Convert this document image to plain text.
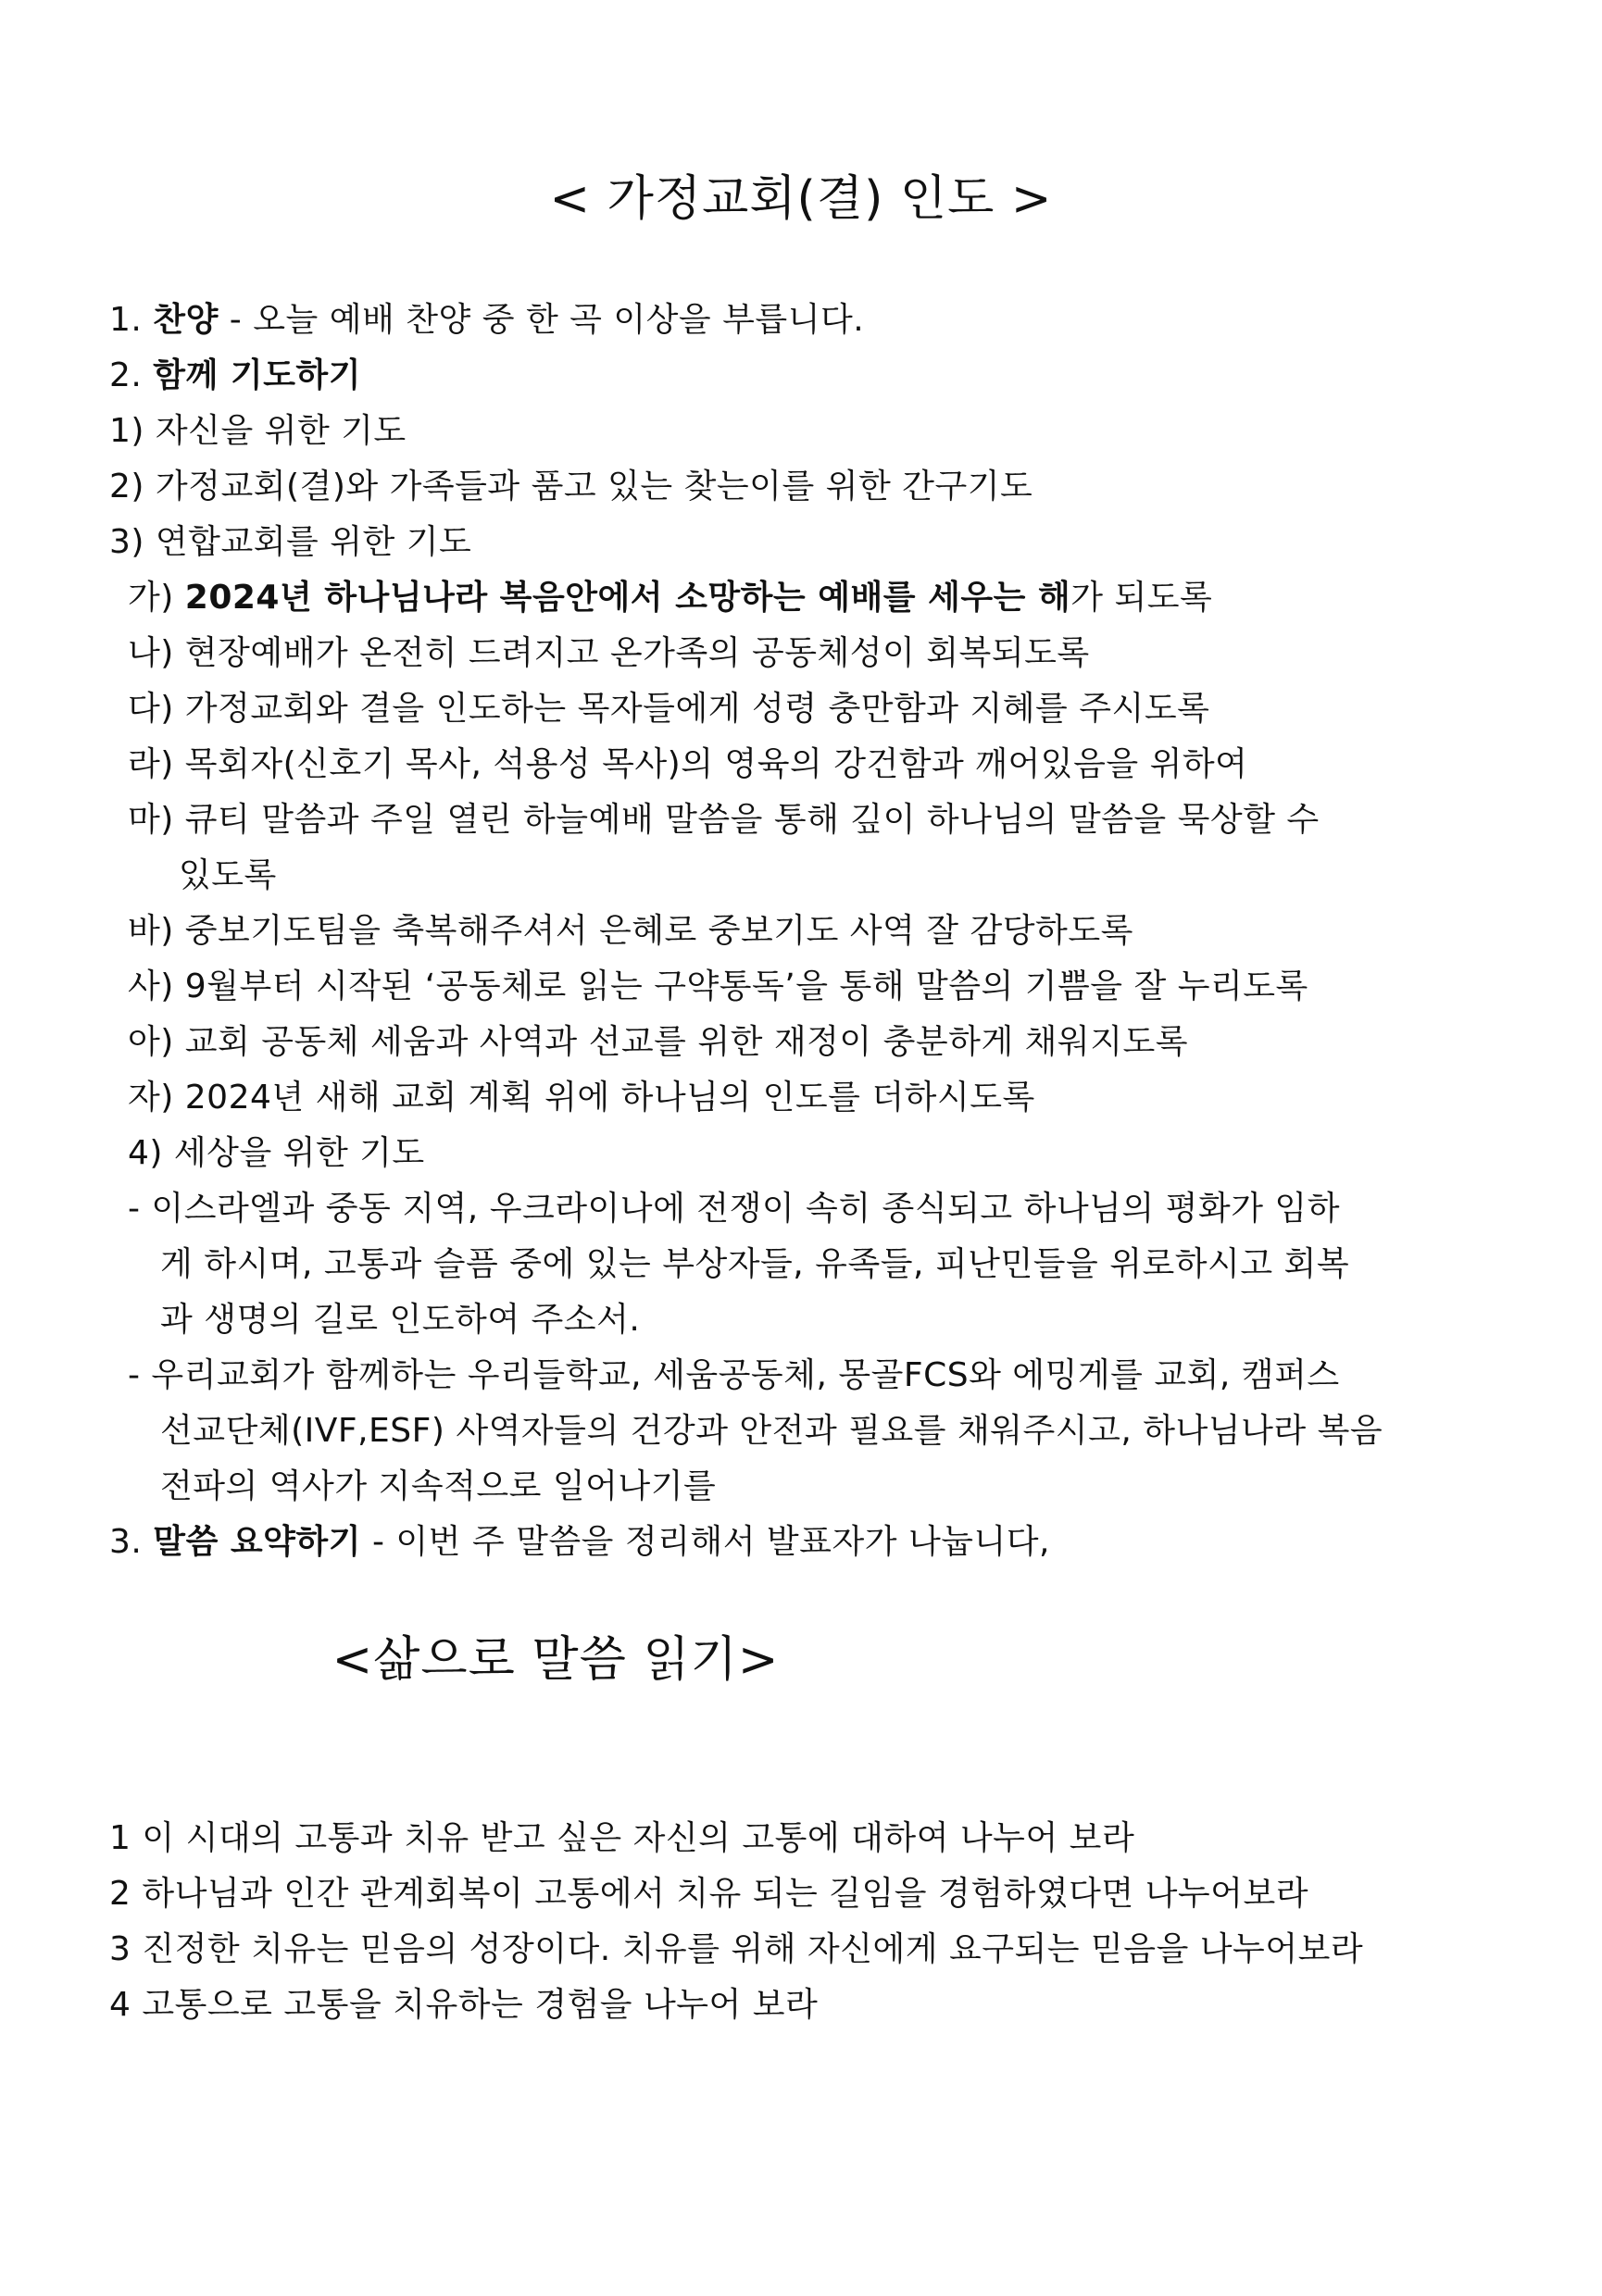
< 가정교회(결) 인도 >
1. 찬양 - 오늘 예배 찬양 중 한 곡 이상을 부릅니다.
2. 함께 기도하기
1) 자신을 위한 기도
2) 가정교회(결)와 가족들과 품고 있는 찾는이를 위한 간구기도
3) 연합교회를 위한 기도
가) 2024년 하나님나라 복음안에서 소망하는 예배를 세우는 해가 되도록
나) 현장예배가 온전히 드려지고 온가족의 공동체성이 회복되도록
다) 가정교회와 결을 인도하는 목자들에게 성령 충만함과 지혜를 주시도록
라) 목회자(신호기 목사, 석용성 목사)의 영육의 강건함과 깨어있음을 위하여
마) 큐티 말씀과 주일 열린 하늘예배 말씀을 통해 깊이 하나님의 말씀을 묵상할 수
있도록
바) 중보기도팀을 축복해주셔서 은혜로 중보기도 사역 잘 감당하도록
사) 9월부터 시작된 ‘공동체로 읽는 구약통독’을 통해 말씀의 기쁨을 잘 누리도록
아) 교회 공동체 세움과 사역과 선교를 위한 재정이 충분하게 채워지도록
자) 2024년 새해 교회 계획 위에 하나님의 인도를 더하시도록
4) 세상을 위한 기도
- 이스라엘과 중동 지역, 우크라이나에 전쟁이 속히 종식되고 하나님의 평화가 임하
게 하시며, 고통과 슬픔 중에 있는 부상자들, 유족들, 피난민들을 위로하시고 회복
과 생명의 길로 인도하여 주소서.
- 우리교회가 함께하는 우리들학교, 세움공동체, 몽골FCS와 에밍게를 교회, 캠퍼스
선교단체(IVF,ESF) 사역자들의 건강과 안전과 필요를 채워주시고, 하나님나라 복음
전파의 역사가 지속적으로 일어나기를
3. 말씀 요약하기 - 이번 주 말씀을 정리해서 발표자가 나눕니다,
<삶으로 말씀 읽기>
1 이 시대의 고통과 치유 받고 싶은 자신의 고통에 대하여 나누어 보라
2 하나님과 인간 관계회복이 고통에서 치유 되는 길임을 경험하였다면 나누어보라
3 진정한 치유는 믿음의 성장이다. 치유를 위해 자신에게 요구되는 믿음을 나누어보라
4 고통으로 고통을 치유하는 경험을 나누어 보라
